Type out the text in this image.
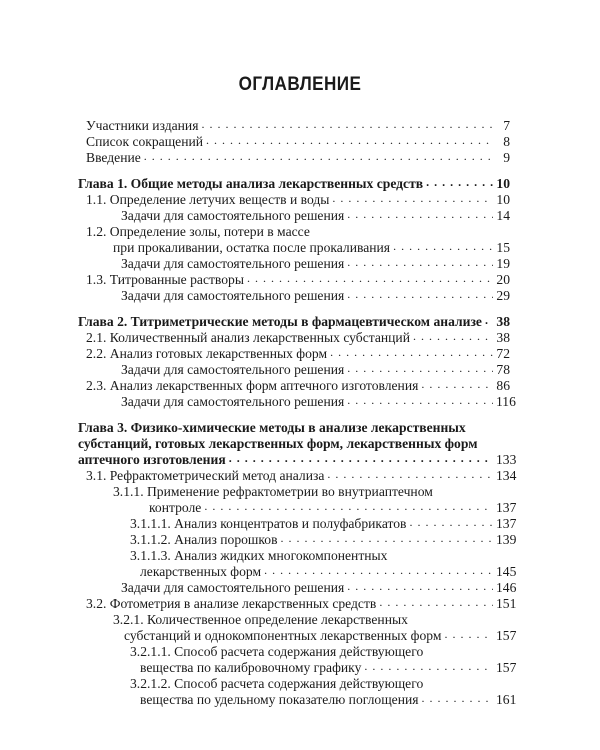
ОГЛАВЛЕНИЕ
Участники издания . . .	7
Список сокращений . . .	8
Введение . . .	9
Глава 1. Общие методы анализа лекарственных средств . . .	10
1.1. Определение летучих веществ и воды . . .	10
Задачи для самостоятельного решения . . .	14
1.2. Определение золы, потери в массе
при прокаливании, остатка после прокаливания . . .	15
Задачи для самостоятельного решения . . .	19
1.3. Титрованные растворы . . .	20
Задачи для самостоятельного решения . . .	29
Глава 2. Титриметрические методы в фармацевтическом анализе . . . 38
2.1. Количественный анализ лекарственных субстанций . . .	38
2.2. Анализ готовых лекарственных форм . . .	72
Задачи для самостоятельного решения . . .	78
2.3. Анализ лекарственных форм аптечного изготовления . . .	86
Задачи для самостоятельного решения . . .	116
Глава 3. Физико-химические методы в анализе лекарственных
субстанций, готовых лекарственных форм, лекарственных форм
аптечного изготовления . . .	133
3.1. Рефрактометрический метод анализа . . .	134
3.1.1. Применение рефрактометрии во внутриаптечном
контроле . . .	137
3.1.1.1. Анализ концентратов и полуфабрикатов . . .	137
3.1.1.2. Анализ порошков . . .	139
3.1.1.3. Анализ жидких многокомпонентных
лекарственных форм . . .	145
Задачи для самостоятельного решения . . .	146
3.2. Фотометрия в анализе лекарственных средств . . .	151
3.2.1. Количественное определение лекарственных
субстанций и однокомпонентных лекарственных форм . . .	157
3.2.1.1. Способ расчета содержания действующего
вещества по калибровочному графику . . .	157
3.2.1.2. Способ расчета содержания действующего
вещества по удельному показателю поглощения . . .	161
